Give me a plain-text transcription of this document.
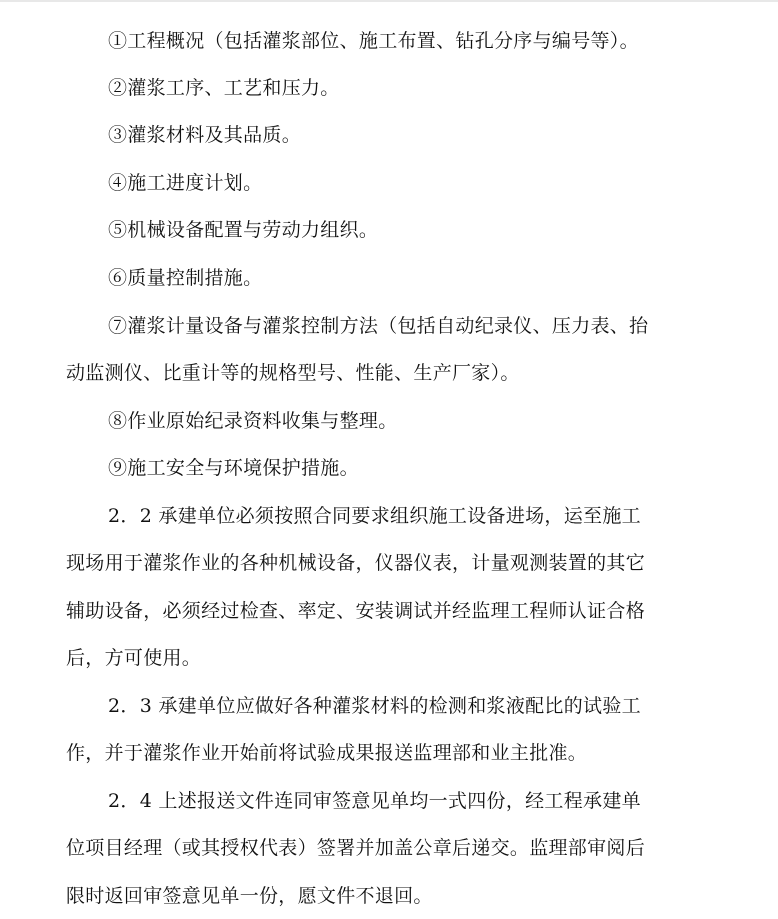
①工程概况（包括灌浆部位、施工布置、钻孔分序与编号等）。
②灌浆工序、工艺和压力。
③灌浆材料及其品质。
④施工进度计划。
⑤机械设备配置与劳动力组织。
⑥质量控制措施。
⑦灌浆计量设备与灌浆控制方法（包括自动纪录仪、压力表、抬
动监测仪、比重计等的规格型号、性能、生产厂家）。
⑧作业原始纪录资料收集与整理。
⑨施工安全与环境保护措施。
2．2 承建单位必须按照合同要求组织施工设备进场，运至施工
现场用于灌浆作业的各种机械设备，仪器仪表，计量观测装置的其它
辅助设备，必须经过检查、率定、安装调试并经监理工程师认证合格
后，方可使用。
2．3 承建单位应做好各种灌浆材料的检测和浆液配比的试验工
作，并于灌浆作业开始前将试验成果报送监理部和业主批准。
2．4 上述报送文件连同审签意见单均一式四份，经工程承建单
位项目经理（或其授权代表）签署并加盖公章后递交。监理部审阅后
限时返回审签意见单一份，愿文件不退回。
